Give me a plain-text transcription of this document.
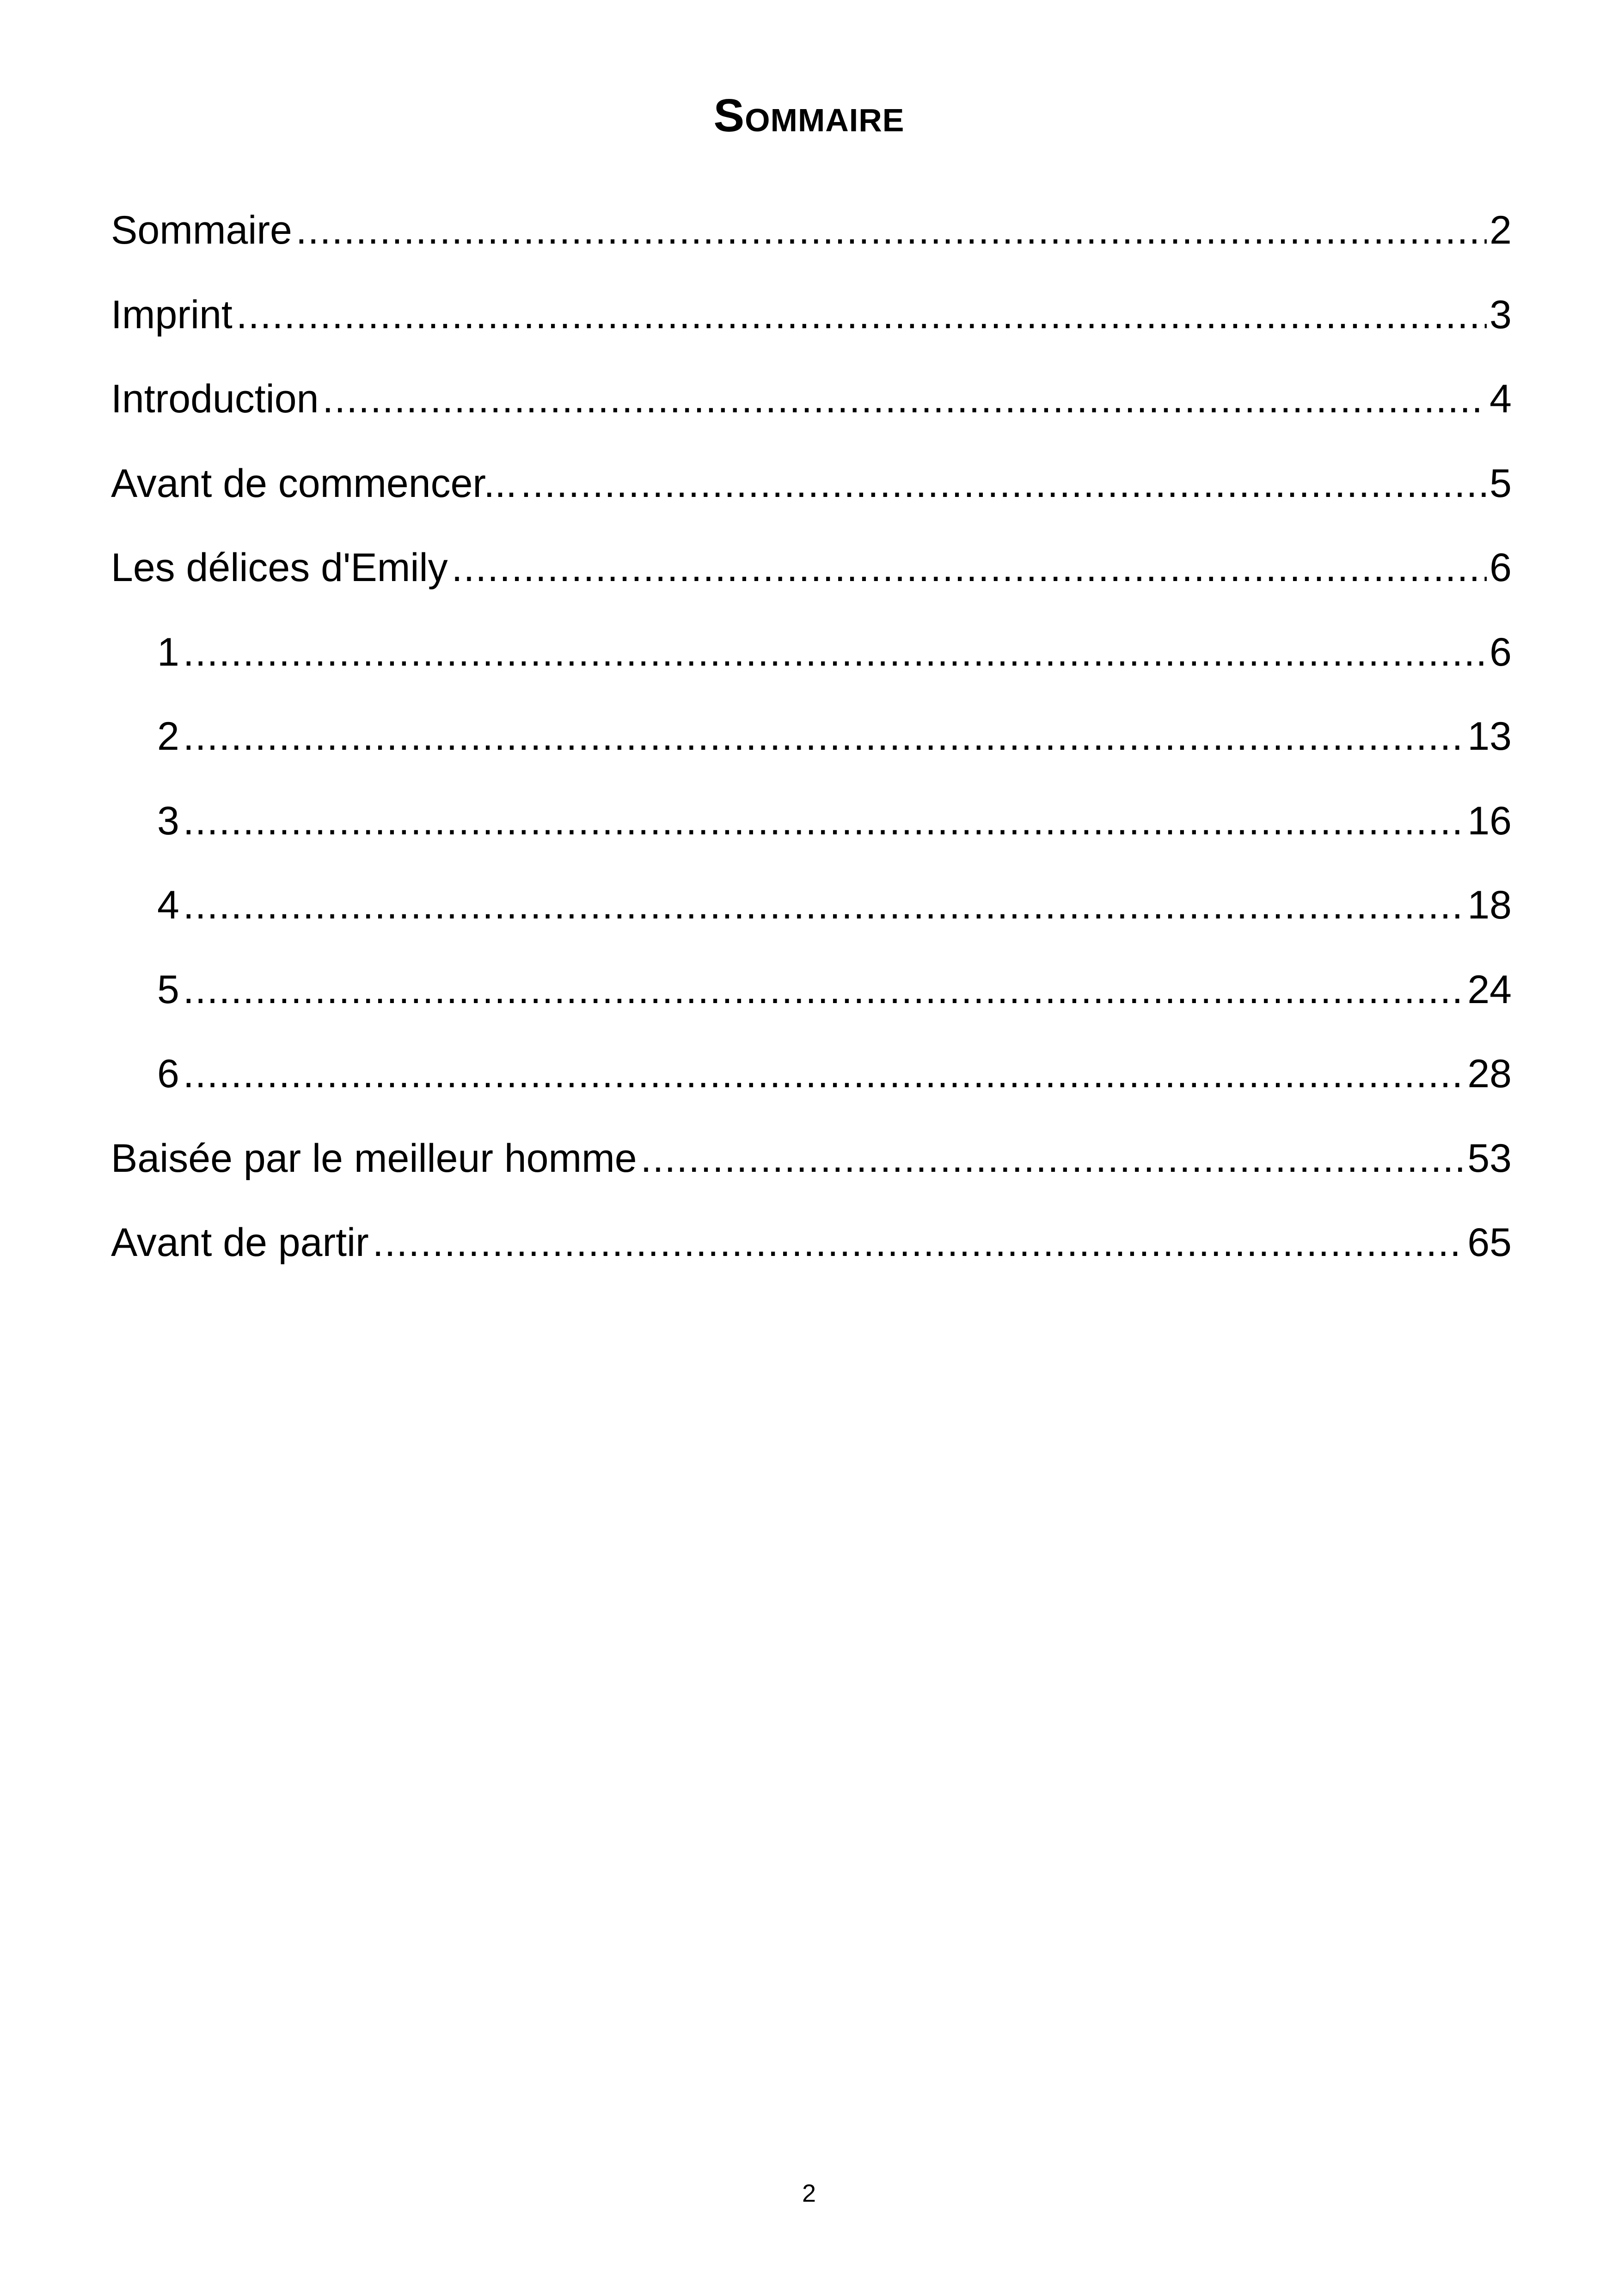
Sommaire
Sommaire .....	2
Imprint .....	3
Introduction .....	4
Avant de commencer... .....	5
Les délices d'Emily .....	6
1 .....	6
2 .....	13
3 .....	16
4 .....	18
5 .....	24
6 .....	28
Baisée par le meilleur homme .....	53
Avant de partir .....	65
2
